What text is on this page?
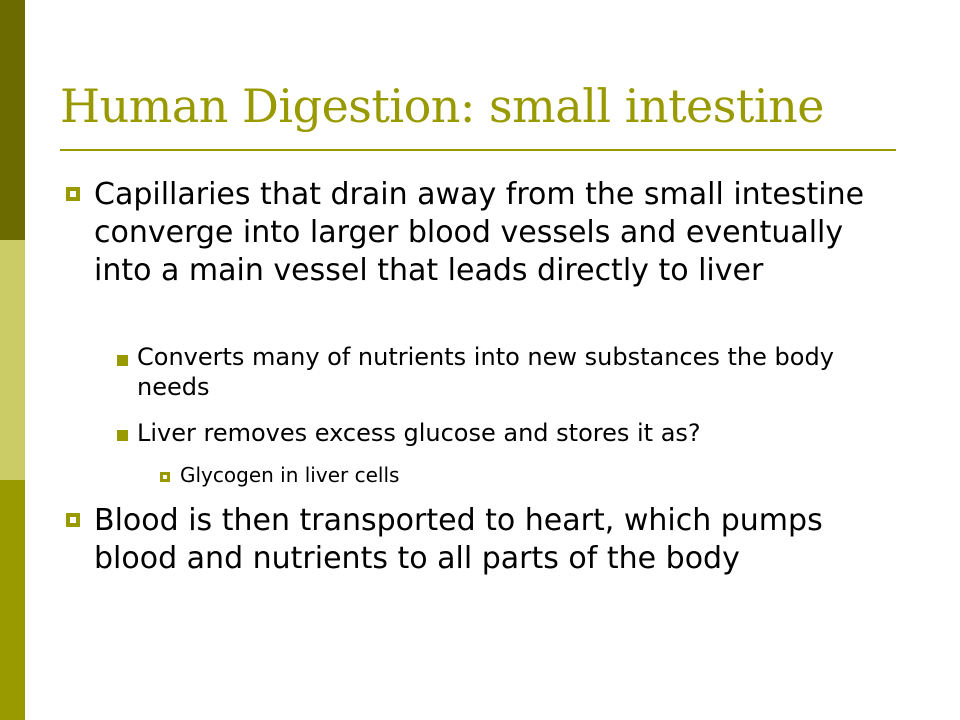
Human Digestion: small intestine
Capillaries that drain away from the small intestine converge into larger blood vessels and eventually into a main vessel that leads directly to liver
Converts many of nutrients into new substances the body needs
Liver removes excess glucose and stores it as?
Glycogen in liver cells
Blood is then transported to heart, which pumps blood and nutrients to all parts of the body
